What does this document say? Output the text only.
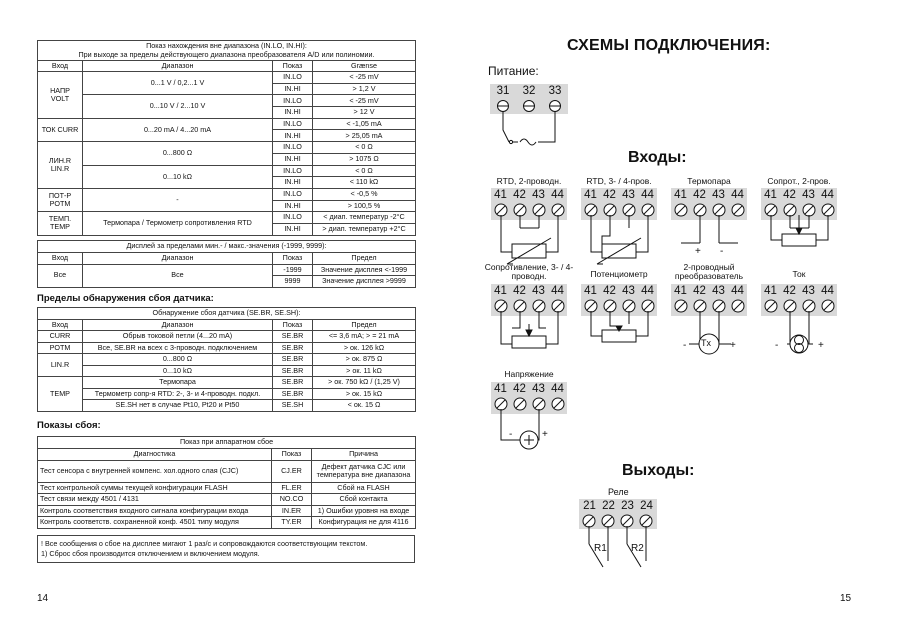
Показ нахождения вне диапазона (IN.LO, IN.HI):
При выходе за пределы действующего диапазона преобразователя A/D или полиномии.			

Вход	Диапазон	Показ	Grænse

НАПР
VOLT	0...1 V / 0,2...1 V	IN.LO	< -25 mV
		IN.HI	> 1,2 V
	0...10 V / 2...10 V	IN.LO	< -25 mV
		IN.HI	> 12 V
ТОК CURR	0...20 mA / 4...20 mA	IN.LO	< -1,05 mA
		IN.HI	> 25,05 mA

ЛИН.R
LIN.R	0...800 Ω	IN.LO	< 0 Ω
		IN.HI	> 1075 Ω
	0...10 kΩ	IN.LO	< 0 Ω
		IN.HI	< 110 kΩ

ПОТ-Р
POTM	-	IN.LO	< -0,5 %
		IN.HI	> 100,5 %

ТЕМП.
TEMP	Термопара / Термометр сопротивления RTD	IN.LO	< диап. температур -2°C
		IN.HI	> диап. температур +2°C
Дисплей за пределами мин.- / макс.-значения (-1999, 9999):			
Вход	Диапазон	Показ	Предел
Все	Все	-1999	Значение дисплея <-1999
		9999	Значение дисплея >9999
Пределы обнаружения сбоя датчика:
Обнаружение сбоя датчика (SE.BR, SE.SH):			
Вход	Диапазон	Показ	Предел
CURR	Обрыв токовой петли (4...20 mA)	SE.BR	<= 3,6 mA; > = 21 mA
POTM	Все, SE.BR на всех с 3-проводн. подключением	SE.BR	> ок. 126 kΩ
LIN.R	0...800 Ω	SE.BR	> ок. 875 Ω
	0...10 kΩ	SE.BR	> ок. 11 kΩ
TEMP	Термопара	SE.BR	> ок. 750 kΩ / (1,25 V)
	Термометр сопр-я RTD: 2-, 3- и 4-проводн. подкл.	SE.BR	> ок. 15 kΩ
	SE.SH нет в случае Pt10, Pt20 и Pt50	SE.SH	< ок. 15 Ω
Показы сбоя:
Показ при аппаратном сбое		
Диагностика	Показ	Причина
Тест сенсора с внутренней компенс. хол.одного слая (CJC)	CJ.ER	Дефект датчика CJC или температура вне диапазона
Тест контрольной суммы текущей конфигурации FLASH	FL.ER	Сбой на FLASH
Тест связи между 4501 / 4131	NO.CO	Сбой контакта
Контроль соответствия входного сигнала конфигурации входа	IN.ER	1) Ошибки уровня на входе
Контроль соответств. сохраненной конф. 4501 типу модуля	TY.ER	Конфигурация не для 4116
! Все сообщения о сбое на дисплее мигают 1 раз/с и сопровождаются соответствующим текстом.
1) Сброс сбоя производится отключением и включением модуля.
14
СХЕМЫ ПОДКЛЮЧЕНИЯ:
Питание:
31	32	33
Входы:
RTD, 2-проводн.
41 42 43 44
RTD, 3- / 4-пров.
41 42 43 44
Термопара
41 42 43 44
+ -
Сопрот., 2-пров.
41 42 43 44
Сопротивление, 3- / 4-проводн.
41 42 43 44
Потенциометр
41 42 43 44
2-проводный преобразователь
41 42 43 44
-	+
Ток
41 42 43 44
-	+
Напряжение
41 42 43 44
-	+
Tx
Выходы:
Реле
21 22 23 24
R1 R2
15
